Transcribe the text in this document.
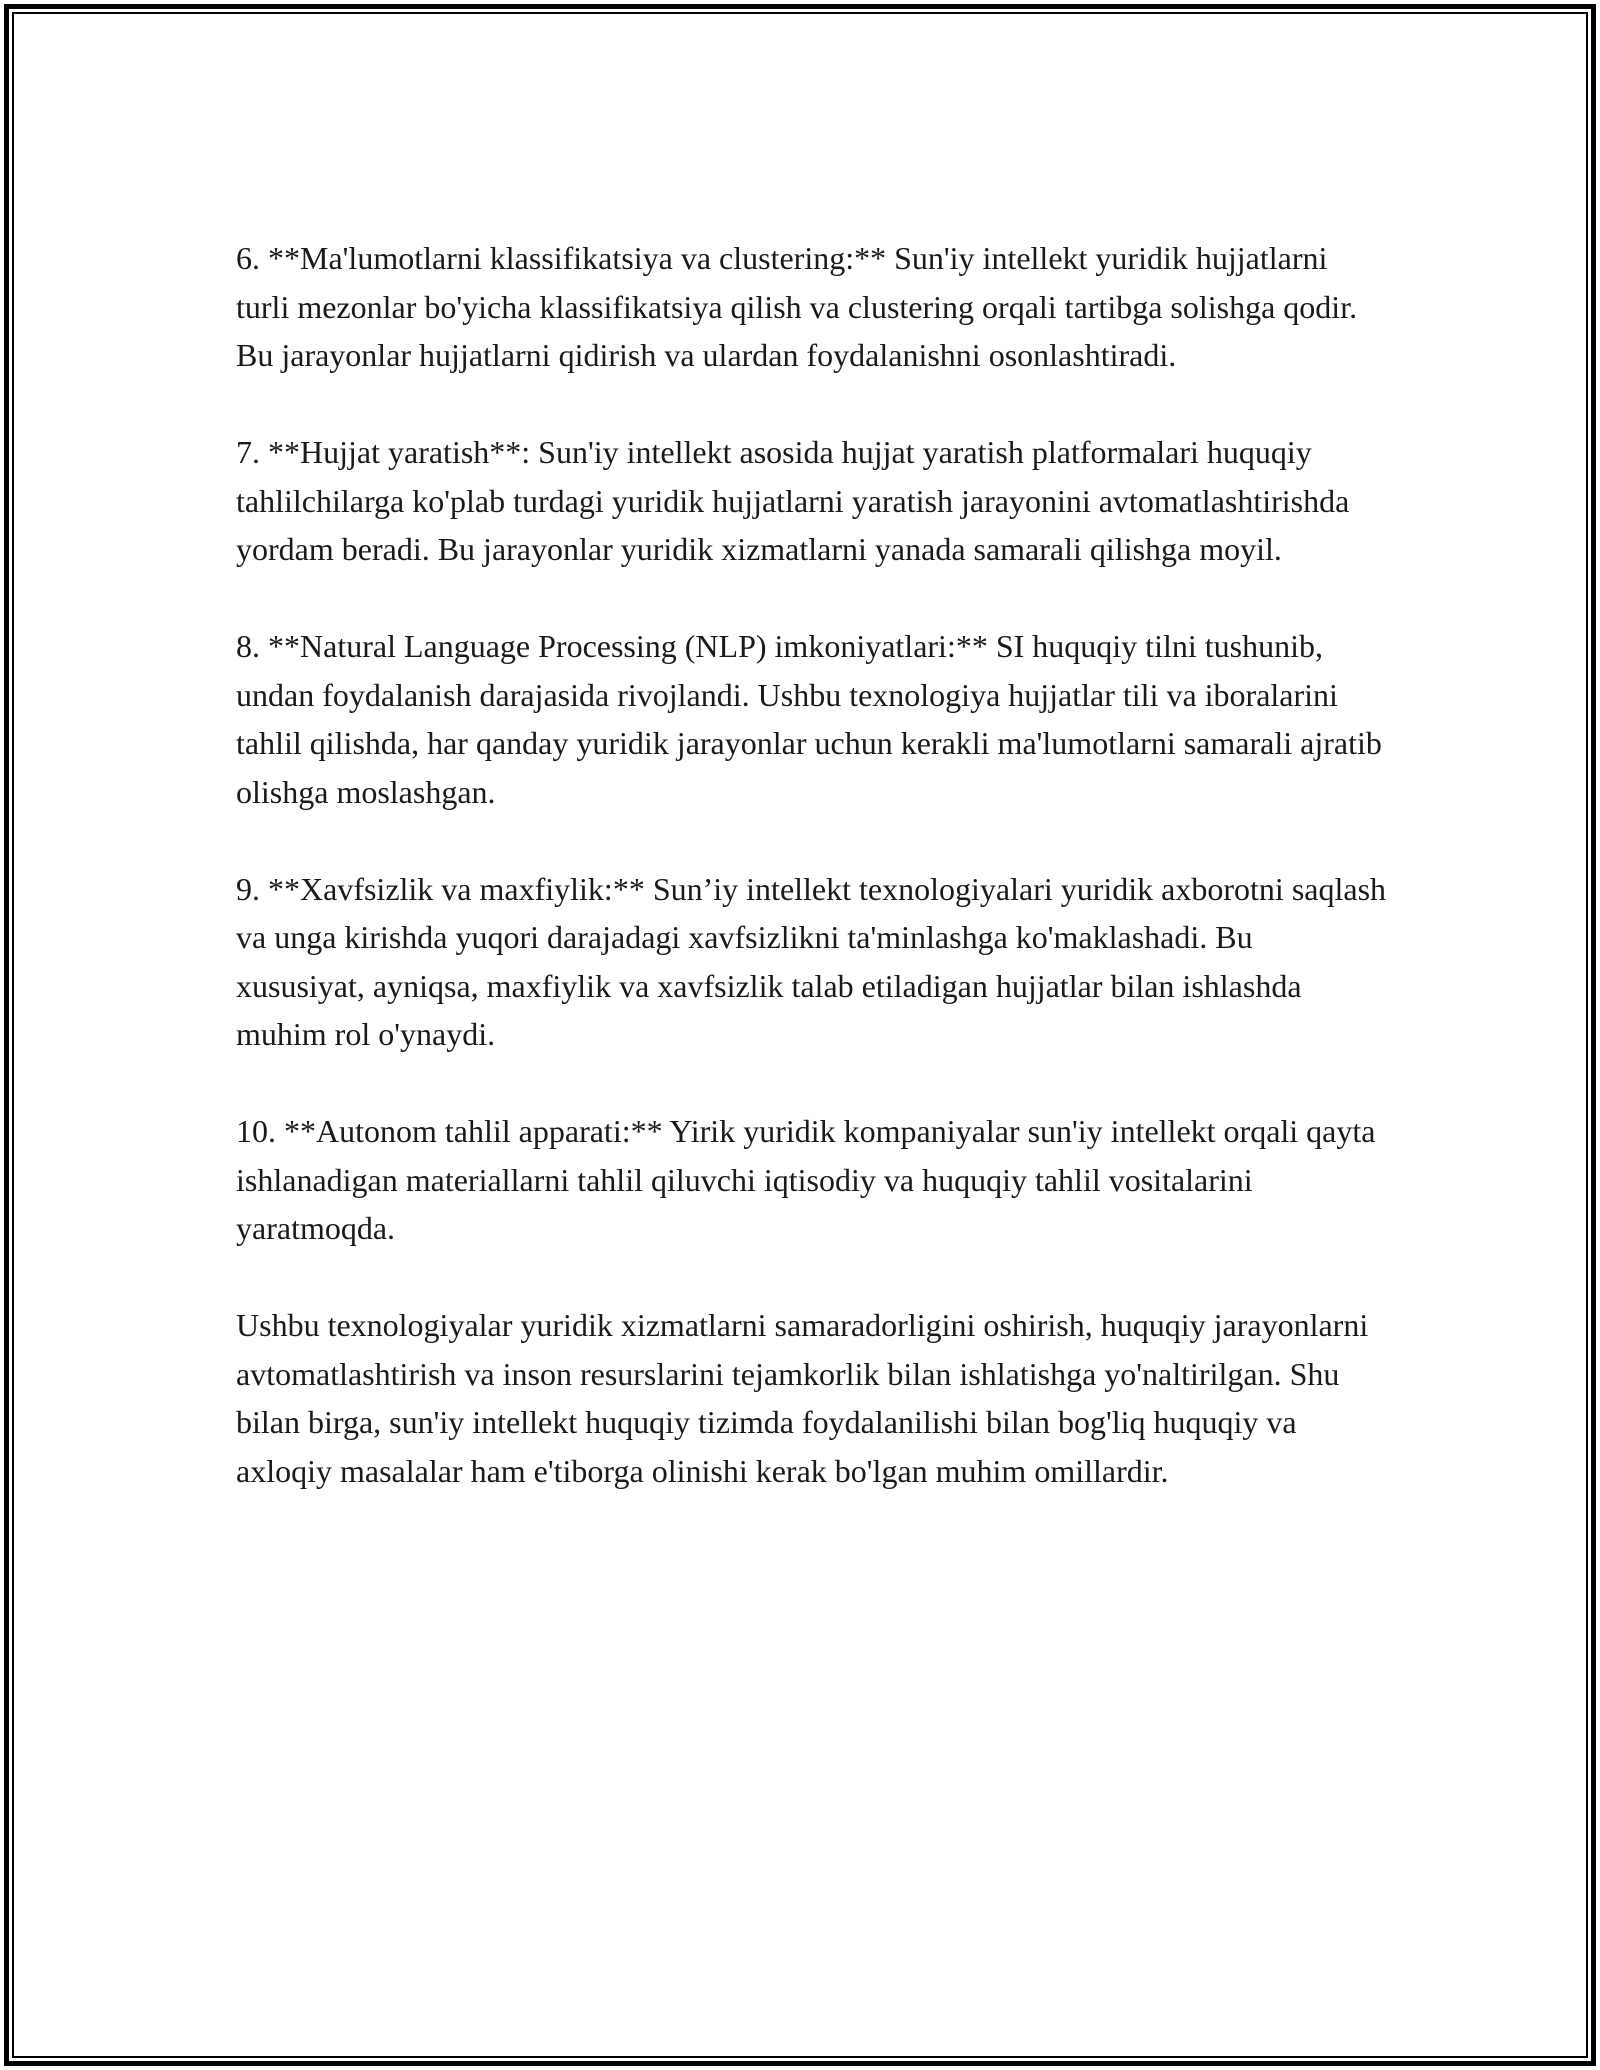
6. **Ma'lumotlarni klassifikatsiya va clustering:** Sun'iy intellekt yuridik hujjatlarni turli mezonlar bo'yicha klassifikatsiya qilish va clustering orqali tartibga solishga qodir. Bu jarayonlar hujjatlarni qidirish va ulardan foydalanishni osonlashtiradi.

7. **Hujjat yaratish**: Sun'iy intellekt asosida hujjat yaratish platformalari huquqiy tahlilchilarga ko'plab turdagi yuridik hujjatlarni yaratish jarayonini avtomatlashtirishda yordam beradi. Bu jarayonlar yuridik xizmatlarni yanada samarali qilishga moyil.

8. **Natural Language Processing (NLP) imkoniyatlari:** SI huquqiy tilni tushunib, undan foydalanish darajasida rivojlandi. Ushbu texnologiya hujjatlar tili va iboralarini tahlil qilishda, har qanday yuridik jarayonlar uchun kerakli ma'lumotlarni samarali ajratib olishga moslashgan.

9. **Xavfsizlik va maxfiylik:** Sun’iy intellekt texnologiyalari yuridik axborotni saqlash va unga kirishda yuqori darajadagi xavfsizlikni ta'minlashga ko'maklashadi. Bu xususiyat, ayniqsa, maxfiylik va xavfsizlik talab etiladigan hujjatlar bilan ishlashda muhim rol o'ynaydi.

10. **Autonom tahlil apparati:** Yirik yuridik kompaniyalar sun'iy intellekt orqali qayta ishlanadigan materiallarni tahlil qiluvchi iqtisodiy va huquqiy tahlil vositalarini yaratmoqda.

Ushbu texnologiyalar yuridik xizmatlarni samaradorligini oshirish, huquqiy jarayonlarni avtomatlashtirish va inson resurslarini tejamkorlik bilan ishlatishga yo'naltirilgan. Shu bilan birga, sun'iy intellekt huquqiy tizimda foydalanilishi bilan bog'liq huquqiy va axloqiy masalalar ham e'tiborga olinishi kerak bo'lgan muhim omillardir.
